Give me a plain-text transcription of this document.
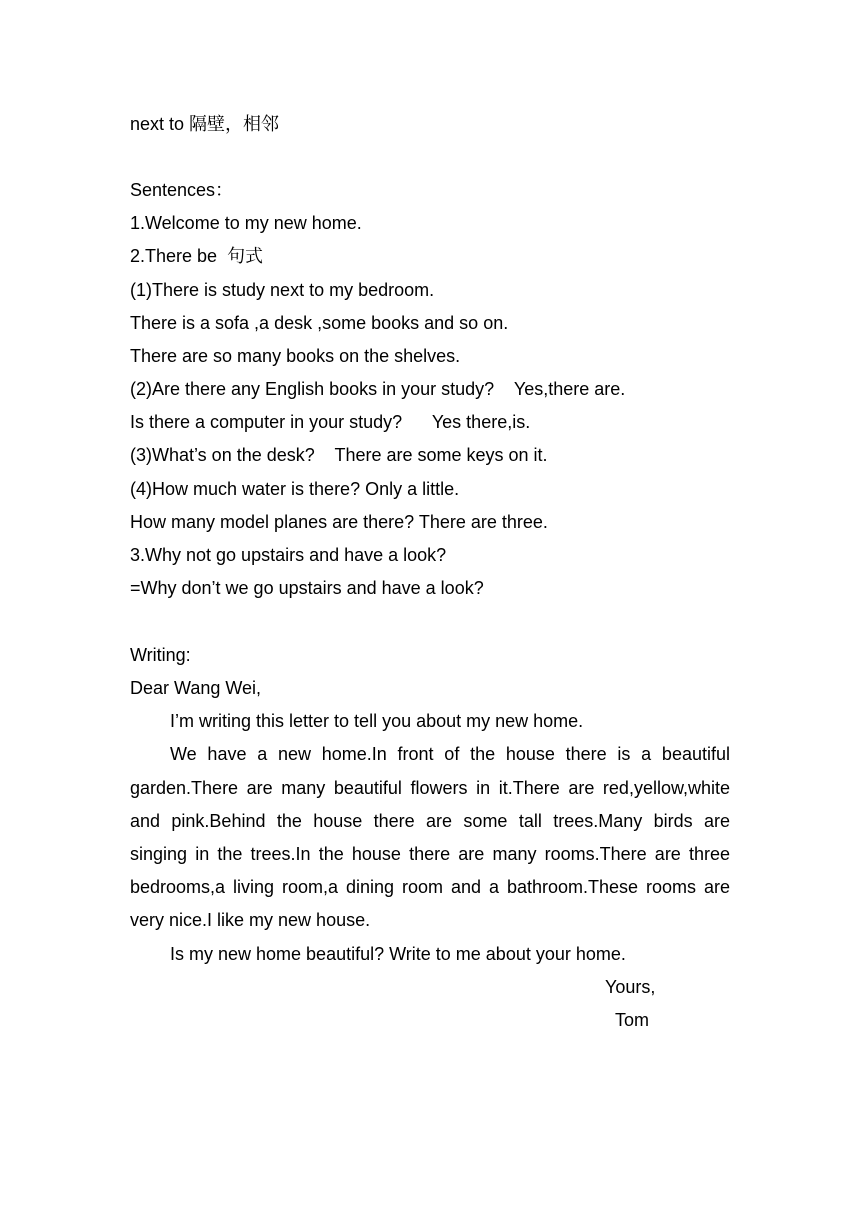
next to 隔壁，相邻
Sentences：
1.Welcome to my new home.
2.There be  句式
(1)There is study next to my bedroom.
There is a sofa ,a desk ,some books and so on.
There are so many books on the shelves.
(2)Are there any English books in your study?    Yes,there are.
Is there a computer in your study?      Yes there,is.
(3)What’s on the desk?    There are some keys on it.
(4)How much water is there? Only a little.
How many model planes are there? There are three.
3.Why not go upstairs and have a look?
=Why don’t we go upstairs and have a look?
Writing:
Dear Wang Wei,
I’m writing this letter to tell you about my new home.
We have a new home.In front of the house there is a beautiful
garden.There are many beautiful flowers in it.There are red,yellow,white
and pink.Behind the house there are some tall trees.Many birds are
singing in the trees.In the house there are many rooms.There are three
bedrooms,a living room,a dining room and a bathroom.These rooms are
very nice.I like my new house.
Is my new home beautiful? Write to me about your home.
Yours,
Tom
